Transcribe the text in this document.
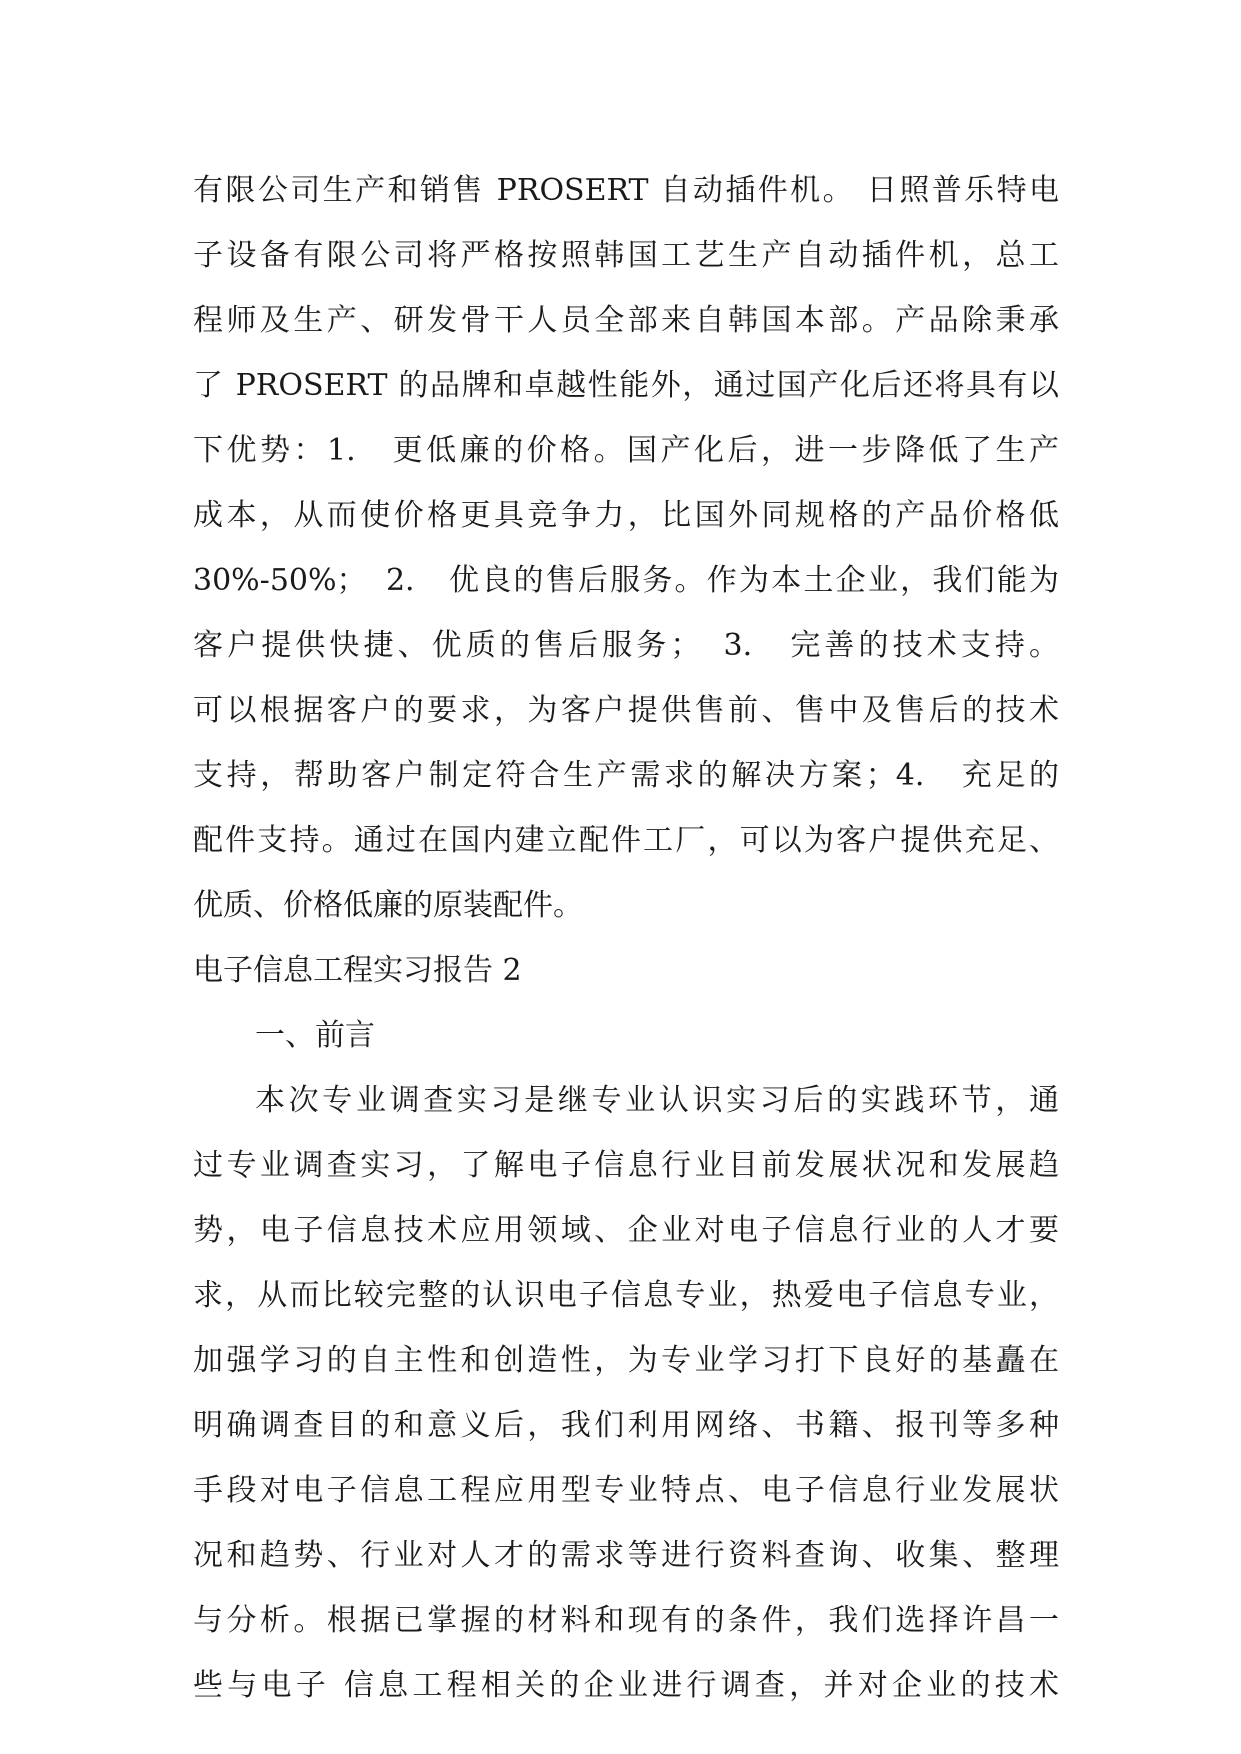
有限公司生产和销售 PROSERT 自动插件机。 日照普乐特电
子设备有限公司将严格按照韩国工艺生产自动插件机，总工
程师及生产、研发骨干人员全部来自韩国本部。产品除秉承
了 PROSERT 的品牌和卓越性能外，通过国产化后还将具有以
下优势：1.　更低廉的价格。国产化后，进一步降低了生产
成本，从而使价格更具竞争力，比国外同规格的产品价格低
30%-50%；　2.　优良的售后服务。作为本土企业，我们能为
客户提供快捷、优质的售后服务；　3.　完善的技术支持。
可以根据客户的要求，为客户提供售前、售中及售后的技术
支持，帮助客户制定符合生产需求的解决方案；4.　充足的
配件支持。通过在国内建立配件工厂，可以为客户提供充足、
优质、价格低廉的原装配件。
电子信息工程实习报告 2
一、前言
本次专业调查实习是继专业认识实习后的实践环节，通
过专业调查实习，了解电子信息行业目前发展状况和发展趋
势，电子信息技术应用领域、企业对电子信息行业的人才要
求，从而比较完整的认识电子信息专业，热爱电子信息专业，
加强学习的自主性和创造性，为专业学习打下良好的基矗在
明确调查目的和意义后，我们利用网络、书籍、报刊等多种
手段对电子信息工程应用型专业特点、电子信息行业发展状
况和趋势、行业对人才的需求等进行资料查询、收集、整理
与分析。根据已掌握的材料和现有的条件，我们选择许昌一
些与电子 信息工程相关的企业进行调查，并对企业的技术
